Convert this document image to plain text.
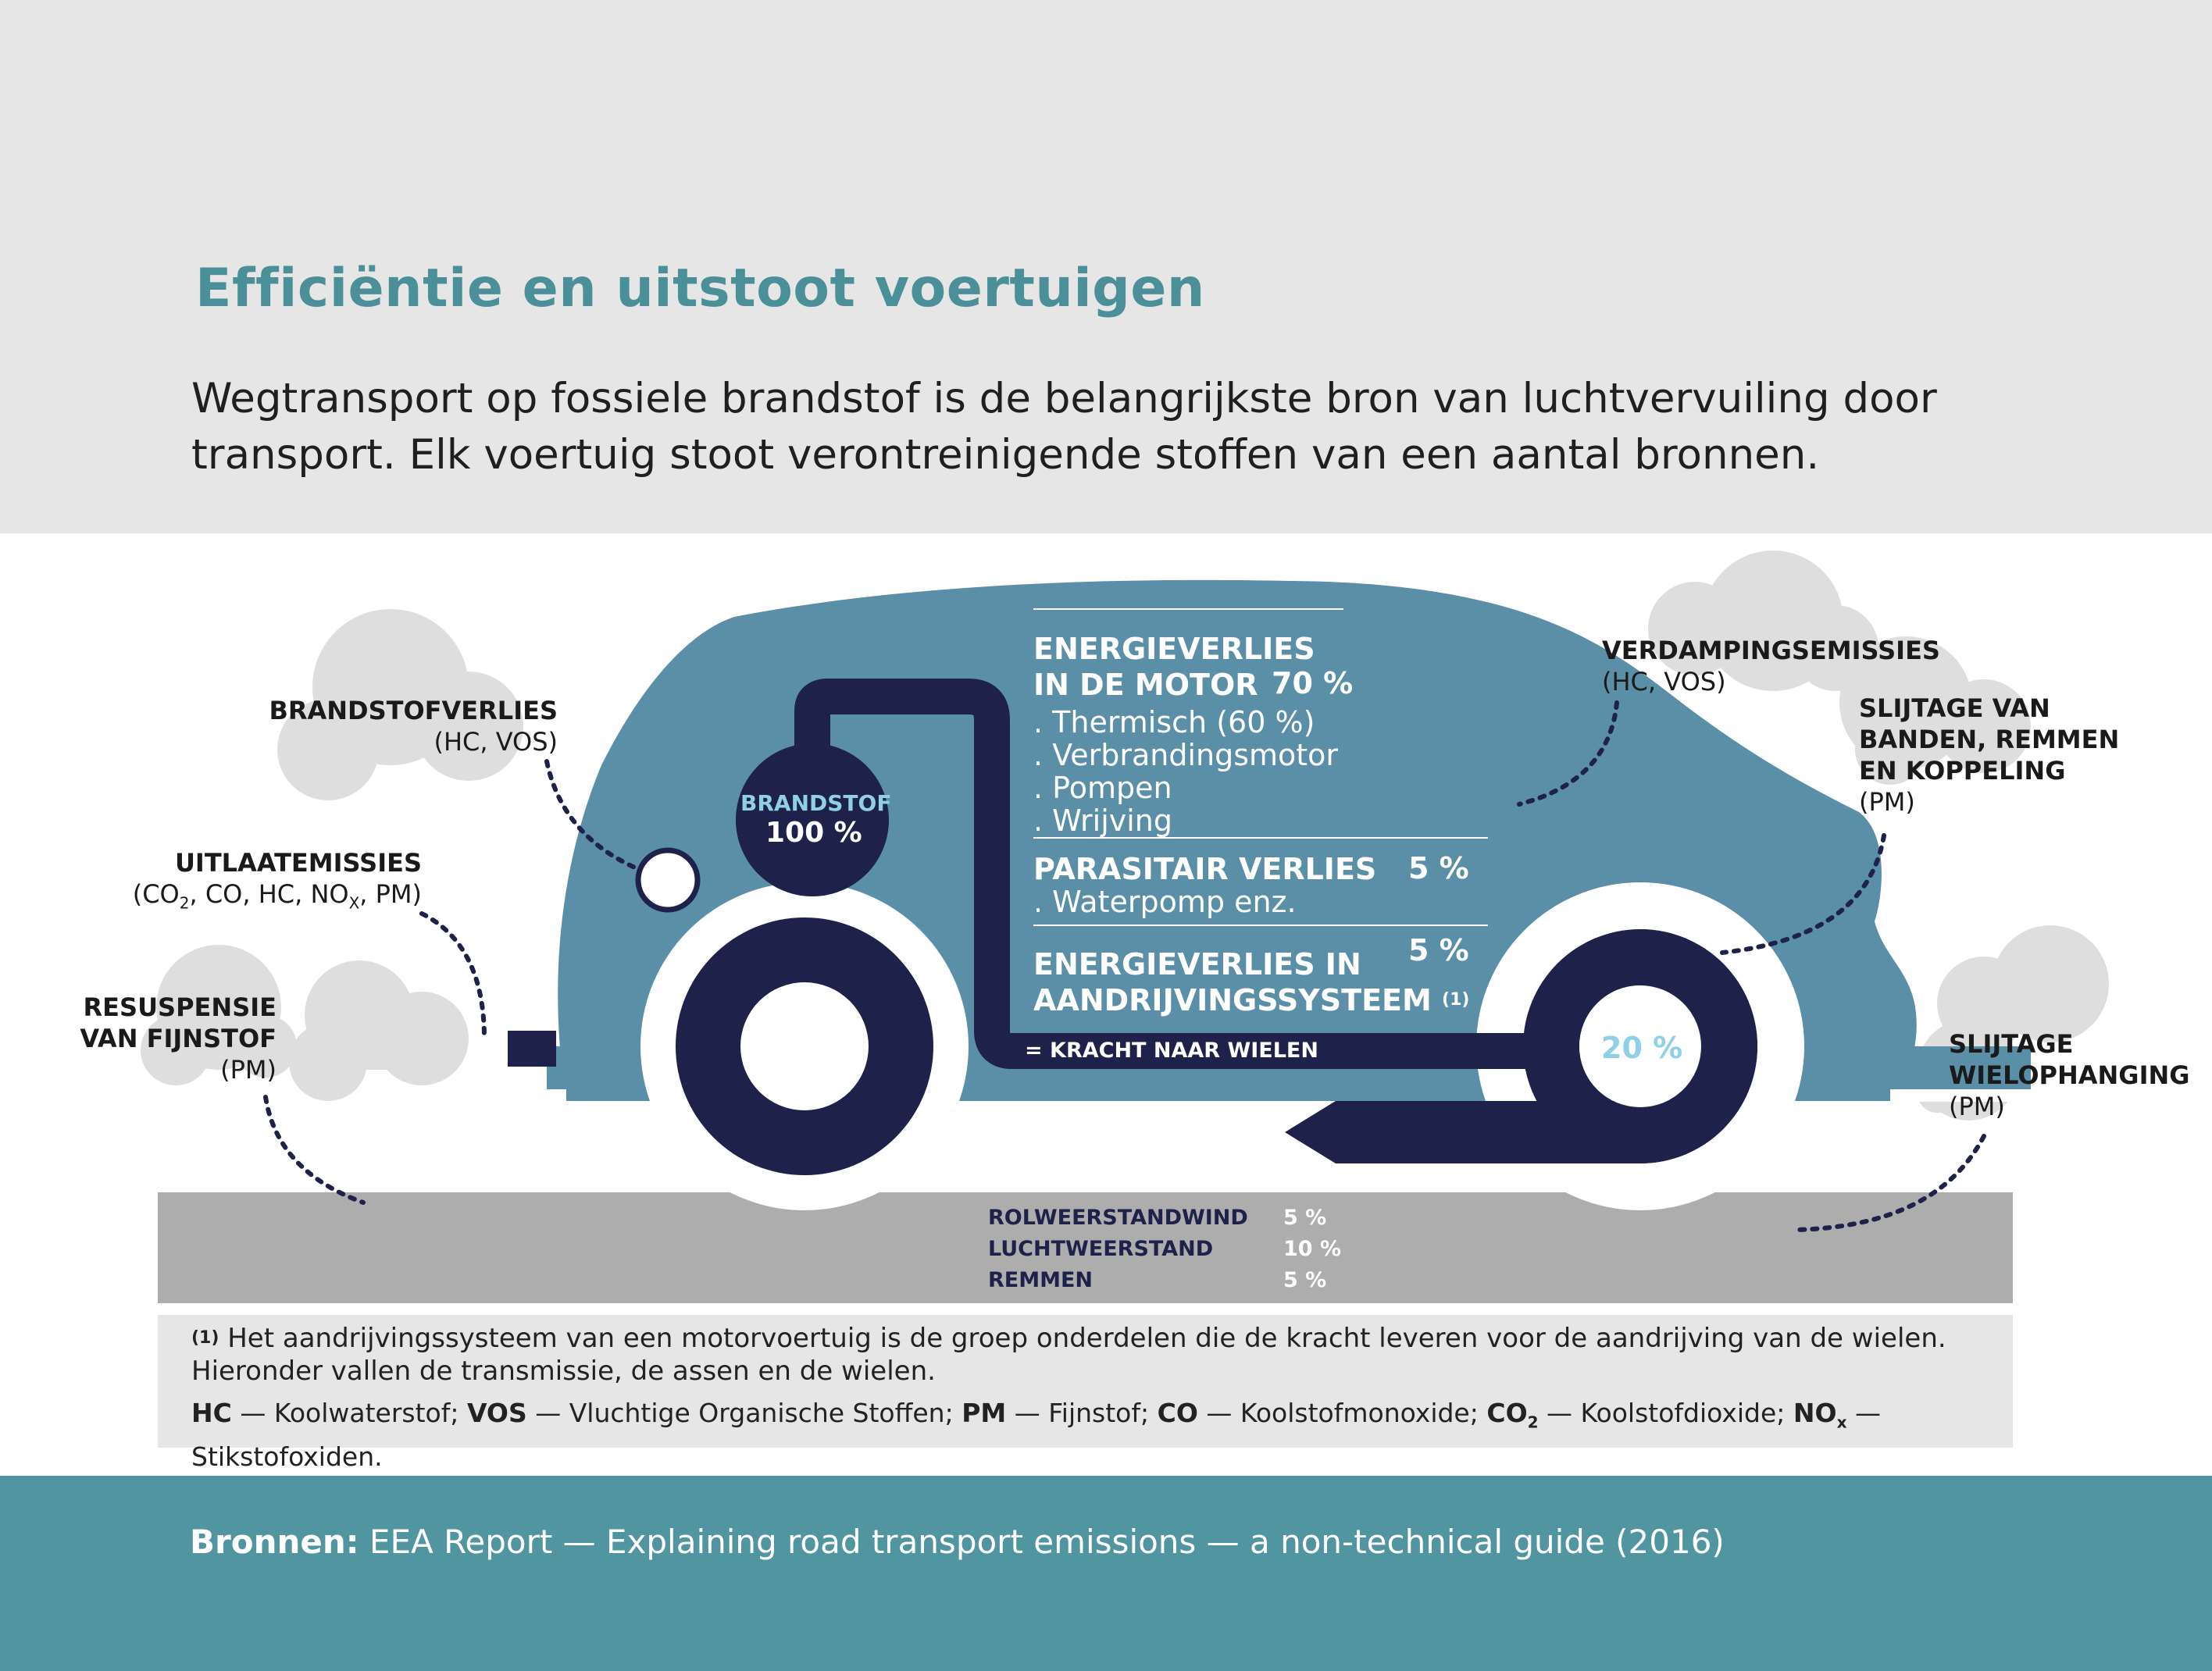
Efficiëntie en uitstoot voertuigen
Wegtransport op fossiele brandstof is de belangrijkste bron van luchtvervuiling door transport. Elk voertuig stoot verontreinigende stoffen van een aantal bronnen.
BRANDSTOF
100 %
ENERGIEVERLIES
IN DE MOTOR 70 %
. Thermisch (60 %)
. Verbrandingsmotor
. Pompen
. Wrijving
PARASITAIR VERLIES 5 %
. Waterpomp enz.
5 %
ENERGIEVERLIES IN
AANDRIJVINGSSYSTEEM $^{(1)}$
= KRACHT NAAR WIELEN	20 %
BRANDSTOFVERLIES
(HC, VOS)
UITLAATEMISSIES
($CO_2$, CO, HC, $NO_X$, PM)
RESUSPENSIE
VAN FIJNSTOF
(PM)
VERDAMPINGSEMISSIES
(HC, VOS)
SLIJTAGE VAN
BANDEN, REMMEN
EN KOPPELING
(PM)
SLIJTAGE
WIELOPHANGING
(PM)
ROLWEERSTANDWIND	5 %
LUCHTWEERSTAND	10 %
REMMEN	5 %
$^{(1)}$ Het aandrijvingssysteem van een motorvoertuig is de groep onderdelen die de kracht leveren voor de aandrijving van de wielen.
Hieronder vallen de transmissie, de assen en de wielen.
HC — Koolwaterstof; VOS — Vluchtige Organische Stoffen; PM — Fijnstof; CO — Koolstofmonoxide; $CO_2$ — Koolstofdioxide; $NO_x$ — Stikstofoxiden.
Bronnen: EEA Report — Explaining road transport emissions — a non-technical guide (2016)
